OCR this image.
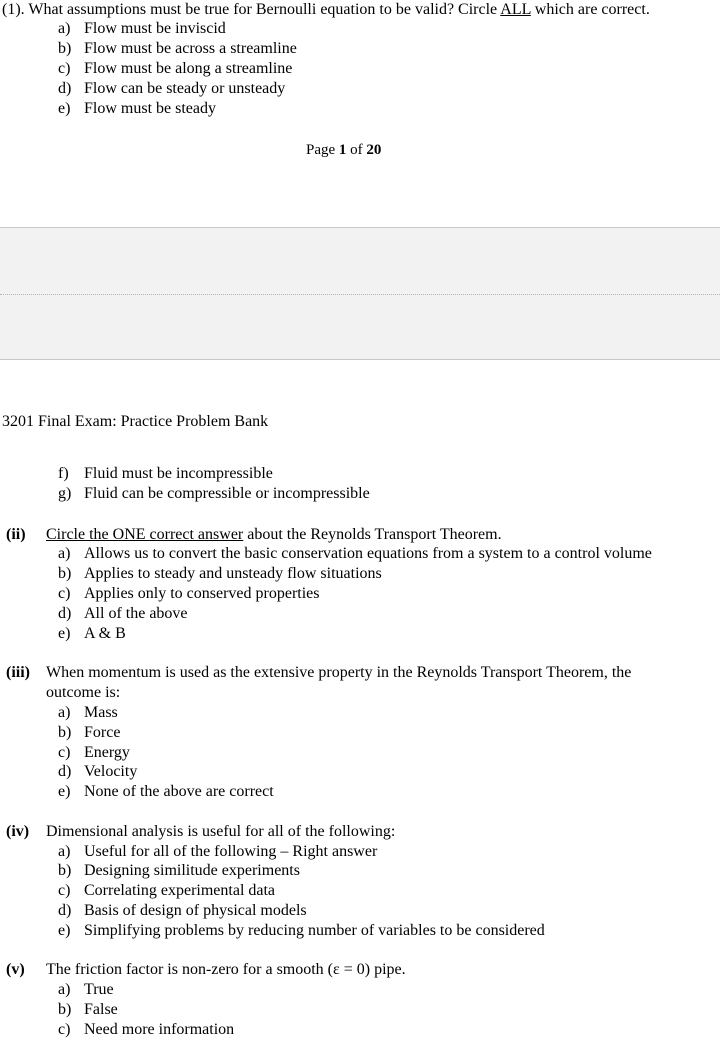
(1). What assumptions must be true for Bernoulli equation to be valid? Circle ALL which are correct.
a) Flow must be inviscid
b) Flow must be across a streamline
c) Flow must be along a streamline
d) Flow can be steady or unsteady
e) Flow must be steady
Page 1 of 20
3201 Final Exam: Practice Problem Bank
f) Fluid must be incompressible
g) Fluid can be compressible or incompressible
(ii) Circle the ONE correct answer about the Reynolds Transport Theorem.
a) Allows us to convert the basic conservation equations from a system to a control volume
b) Applies to steady and unsteady flow situations
c) Applies only to conserved properties
d) All of the above
e) A & B
(iii) When momentum is used as the extensive property in the Reynolds Transport Theorem, the
outcome is:
a) Mass
b) Force
c) Energy
d) Velocity
e) None of the above are correct
(iv) Dimensional analysis is useful for all of the following:
a) Useful for all of the following – Right answer
b) Designing similitude experiments
c) Correlating experimental data
d) Basis of design of physical models
e) Simplifying problems by reducing number of variables to be considered
(v) The friction factor is non-zero for a smooth (ε = 0) pipe.
a) True
b) False
c) Need more information
